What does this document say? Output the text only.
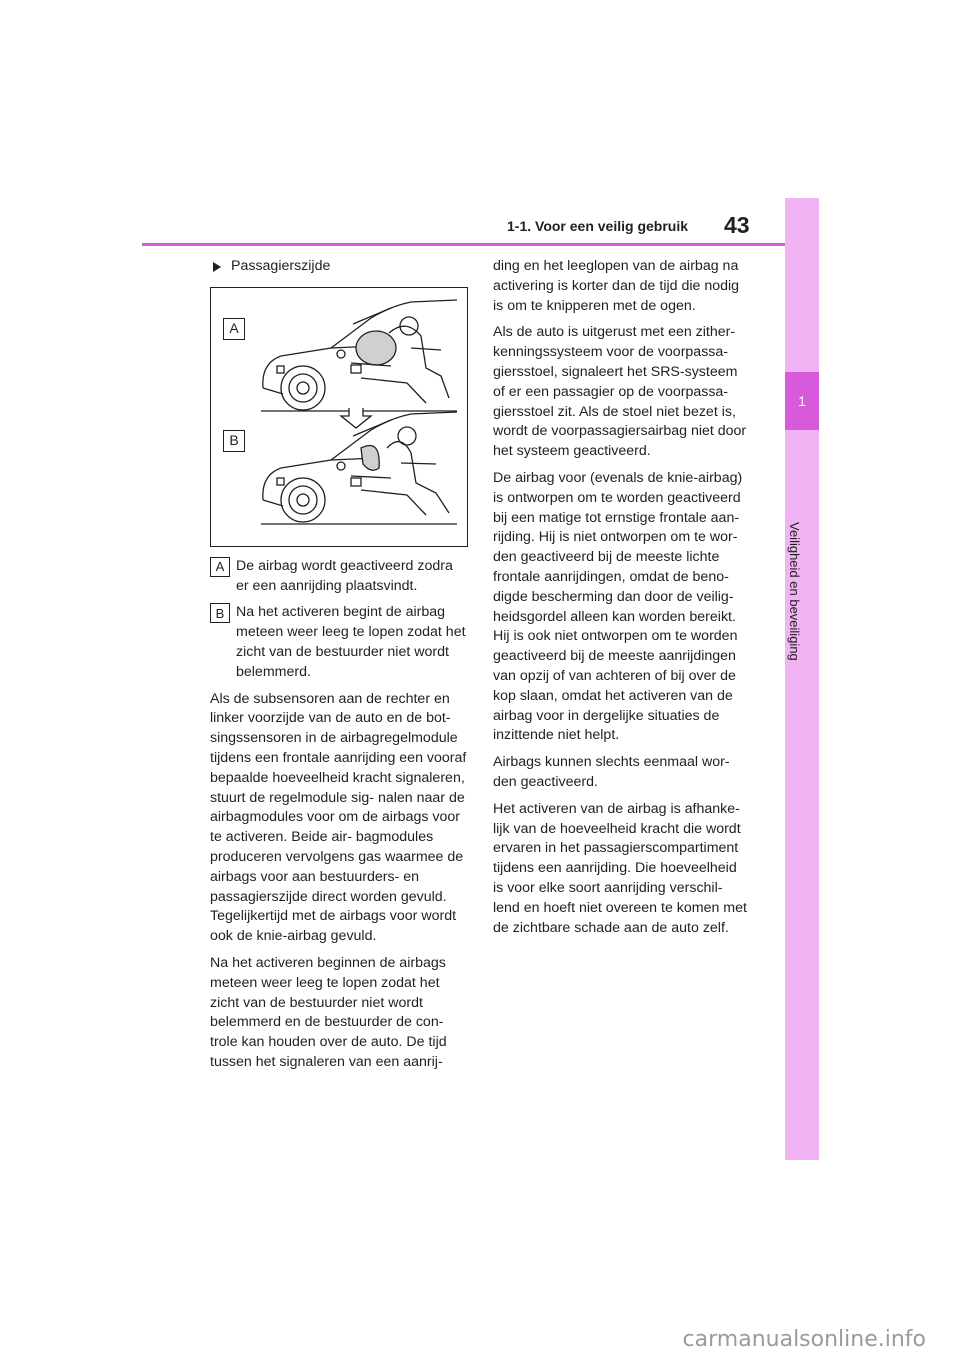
1
Veiligheid en beveiliging
1-1. Voor een veilig gebruik 43
Passagierszijde
A
B
A De airbag wordt geactiveerd zodra er een aanrijding plaatsvindt.
B Na het activeren begint de airbag meteen weer leeg te lopen zodat het zicht van de bestuurder niet wordt belemmerd.

Als de subsensoren aan de rechter en linker voorzijde van de auto en de bot- singssensoren in de airbagregelmodule tijdens een frontale aanrijding een vooraf bepaalde hoeveelheid kracht signaleren, stuurt de regelmodule sig- nalen naar de airbagmodules voor om de airbags voor te activeren. Beide air- bagmodules produceren vervolgens gas waarmee de airbags voor aan bestuurders- en passagierszijde direct worden gevuld. Tegelijkertijd met de airbags voor wordt ook de knie-airbag gevuld.

Na het activeren beginnen de airbags meteen weer leeg te lopen zodat het zicht van de bestuurder niet wordt belemmerd en de bestuurder de con- trole kan houden over de auto. De tijd tussen het signaleren van een aanrij-

ding en het leeglopen van de airbag na activering is korter dan de tijd die nodig is om te knipperen met de ogen.

Als de auto is uitgerust met een zither- kenningssysteem voor de voorpassa- giersstoel, signaleert het SRS-systeem of er een passagier op de voorpassa- giersstoel zit. Als de stoel niet bezet is, wordt de voorpassagiersairbag niet door het systeem geactiveerd.

De airbag voor (evenals de knie-airbag) is ontworpen om te worden geactiveerd bij een matige tot ernstige frontale aan- rijding. Hij is niet ontworpen om te wor- den geactiveerd bij de meeste lichte frontale aanrijdingen, omdat de beno- digde bescherming dan door de veilig- heidsgordel alleen kan worden bereikt. Hij is ook niet ontworpen om te worden geactiveerd bij de meeste aanrijdingen van opzij of van achteren of bij over de kop slaan, omdat het activeren van de airbag voor in dergelijke situaties de inzittende niet helpt.

Airbags kunnen slechts eenmaal wor- den geactiveerd.

Het activeren van de airbag is afhanke- lijk van de hoeveelheid kracht die wordt ervaren in het passagierscompartiment tijdens een aanrijding. Die hoeveelheid is voor elke soort aanrijding verschil- lend en hoeft niet overeen te komen met de zichtbare schade aan de auto zelf.

carmanualsonline.info
